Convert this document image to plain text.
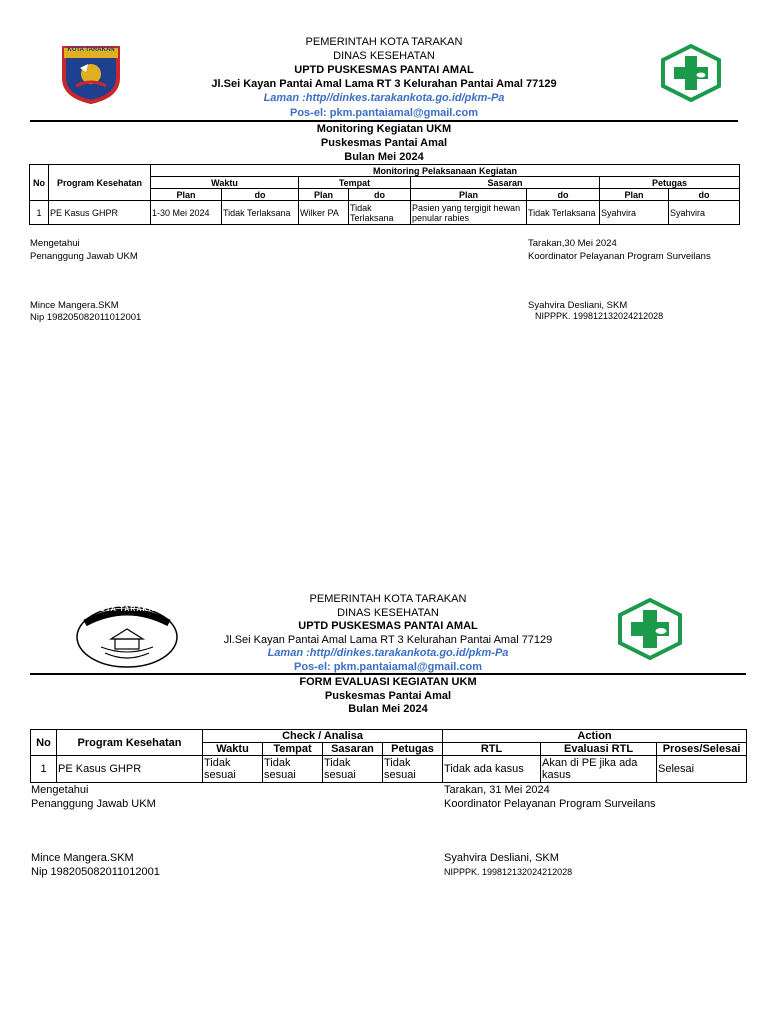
KOTA TARAKAN
PEMERINTAH KOTA TARAKAN
DINAS KESEHATAN
UPTD PUSKESMAS PANTAI AMAL
Jl.Sei Kayan Pantai Amal Lama RT 3 Kelurahan Pantai Amal 77129
Laman :http//dinkes.tarakankota.go.id/pkm-Pa
Pos-el: pkm.pantaiamal@gmail.com
Monitoring Kegiatan UKM
Puskesmas Pantai Amal
Bulan Mei 2024
No	Program Kesehatan	Monitoring Pelaksanaan Kegiatan							
		Waktu		Tempat		Sasaran		Petugas	
		Plan	do	Plan	do	Plan	do	Plan	do
1	PE Kasus GHPR	1-30 Mei 2024	Tidak Terlaksana	Wilker PA	Tidak Terlaksana	Pasien yang tergigit hewan penular rabies	Tidak Terlaksana	Syahvira	Syahvira
Mengetahui
Penanggung Jawab UKM
Mince Mangera.SKM
Nip 198205082011012001
Tarakan,30 Mei 2024
Koordinator Pelayanan Program Surveilans
Syahvira Desliani, SKM
NIPPPK. 199812132024212028
KOTA TARAKAN
PEMERINTAH KOTA TARAKAN
DINAS KESEHATAN
UPTD PUSKESMAS PANTAI AMAL
Jl.Sei Kayan Pantai Amal Lama RT 3 Kelurahan Pantai Amal 77129
Laman :http//dinkes.tarakankota.go.id/pkm-Pa
Pos-el: pkm.pantaiamal@gmail.com
FORM EVALUASI KEGIATAN UKM
Puskesmas Pantai Amal
Bulan Mei 2024
No	Program Kesehatan	Check / Analisa				Action		
		Waktu	Tempat	Sasaran	Petugas	RTL	Evaluasi RTL	Proses/Selesai
1	PE Kasus GHPR	Tidak sesuai	Tidak sesuai	Tidak sesuai	Tidak sesuai	Tidak ada kasus	Akan di PE jika ada kasus	Selesai
Mengetahui
Penanggung Jawab UKM
Mince Mangera.SKM
Nip 198205082011012001
Tarakan, 31 Mei 2024
Koordinator Pelayanan Program Surveilans
Syahvira Desliani, SKM
NIPPPK. 199812132024212028
